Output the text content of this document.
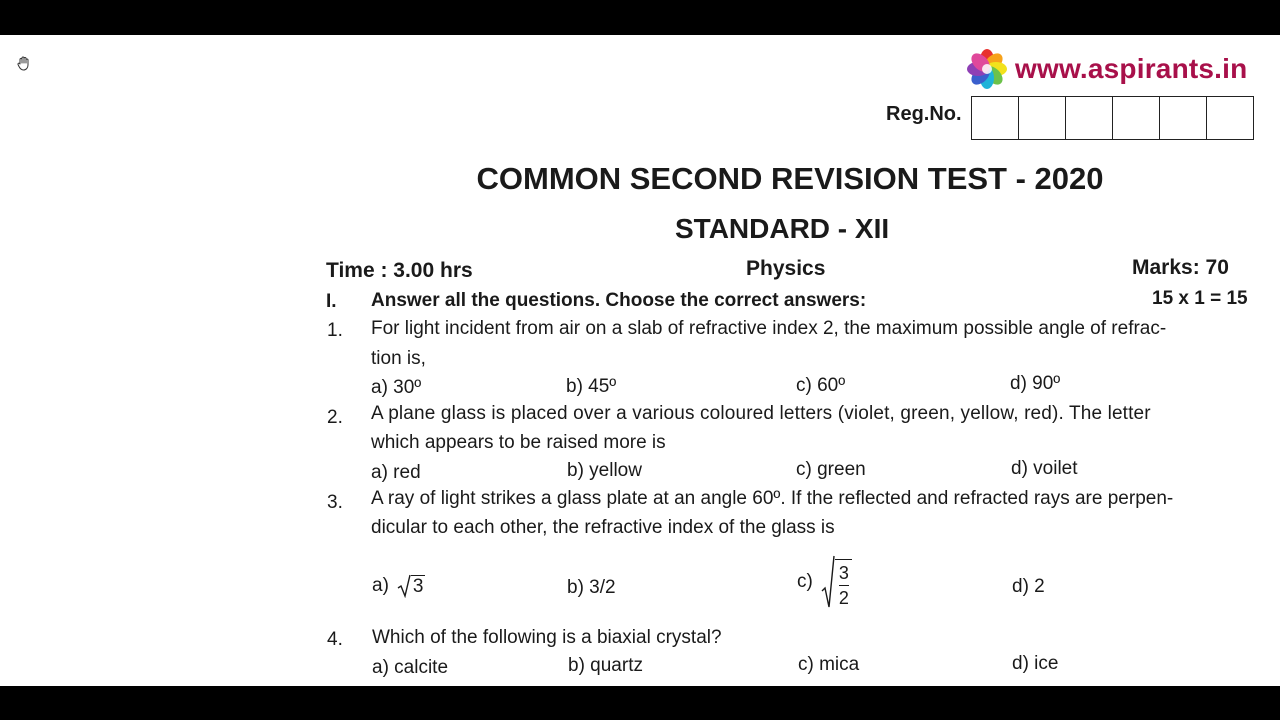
www.aspirants.in
Reg.No.
COMMON SECOND REVISION TEST - 2020
STANDARD - XII
Time : 3.00 hrs	Physics	Marks: 70
I. Answer all the questions. Choose the correct answers:	15 x 1 = 15
1. For light incident from air on a slab of refractive index 2, the maximum possible angle of refrac-
tion is,
a) 30º	b) 45º	c) 60º	d) 90º
2. A plane glass is placed over a various coloured letters (violet, green, yellow, red). The letter
which appears to be raised more is
a) red	b) yellow	c) green	d) voilet
3. A ray of light strikes a glass plate at an angle 60º. If the reflected and refracted rays are perpen-
dicular to each other, the refractive index of the glass is
a) 3	b) 3/2	$c) \frac{3}{2}$	d) 2
4. Which of the following is a biaxial crystal?
a) calcite	b) quartz	c) mica	d) ice
